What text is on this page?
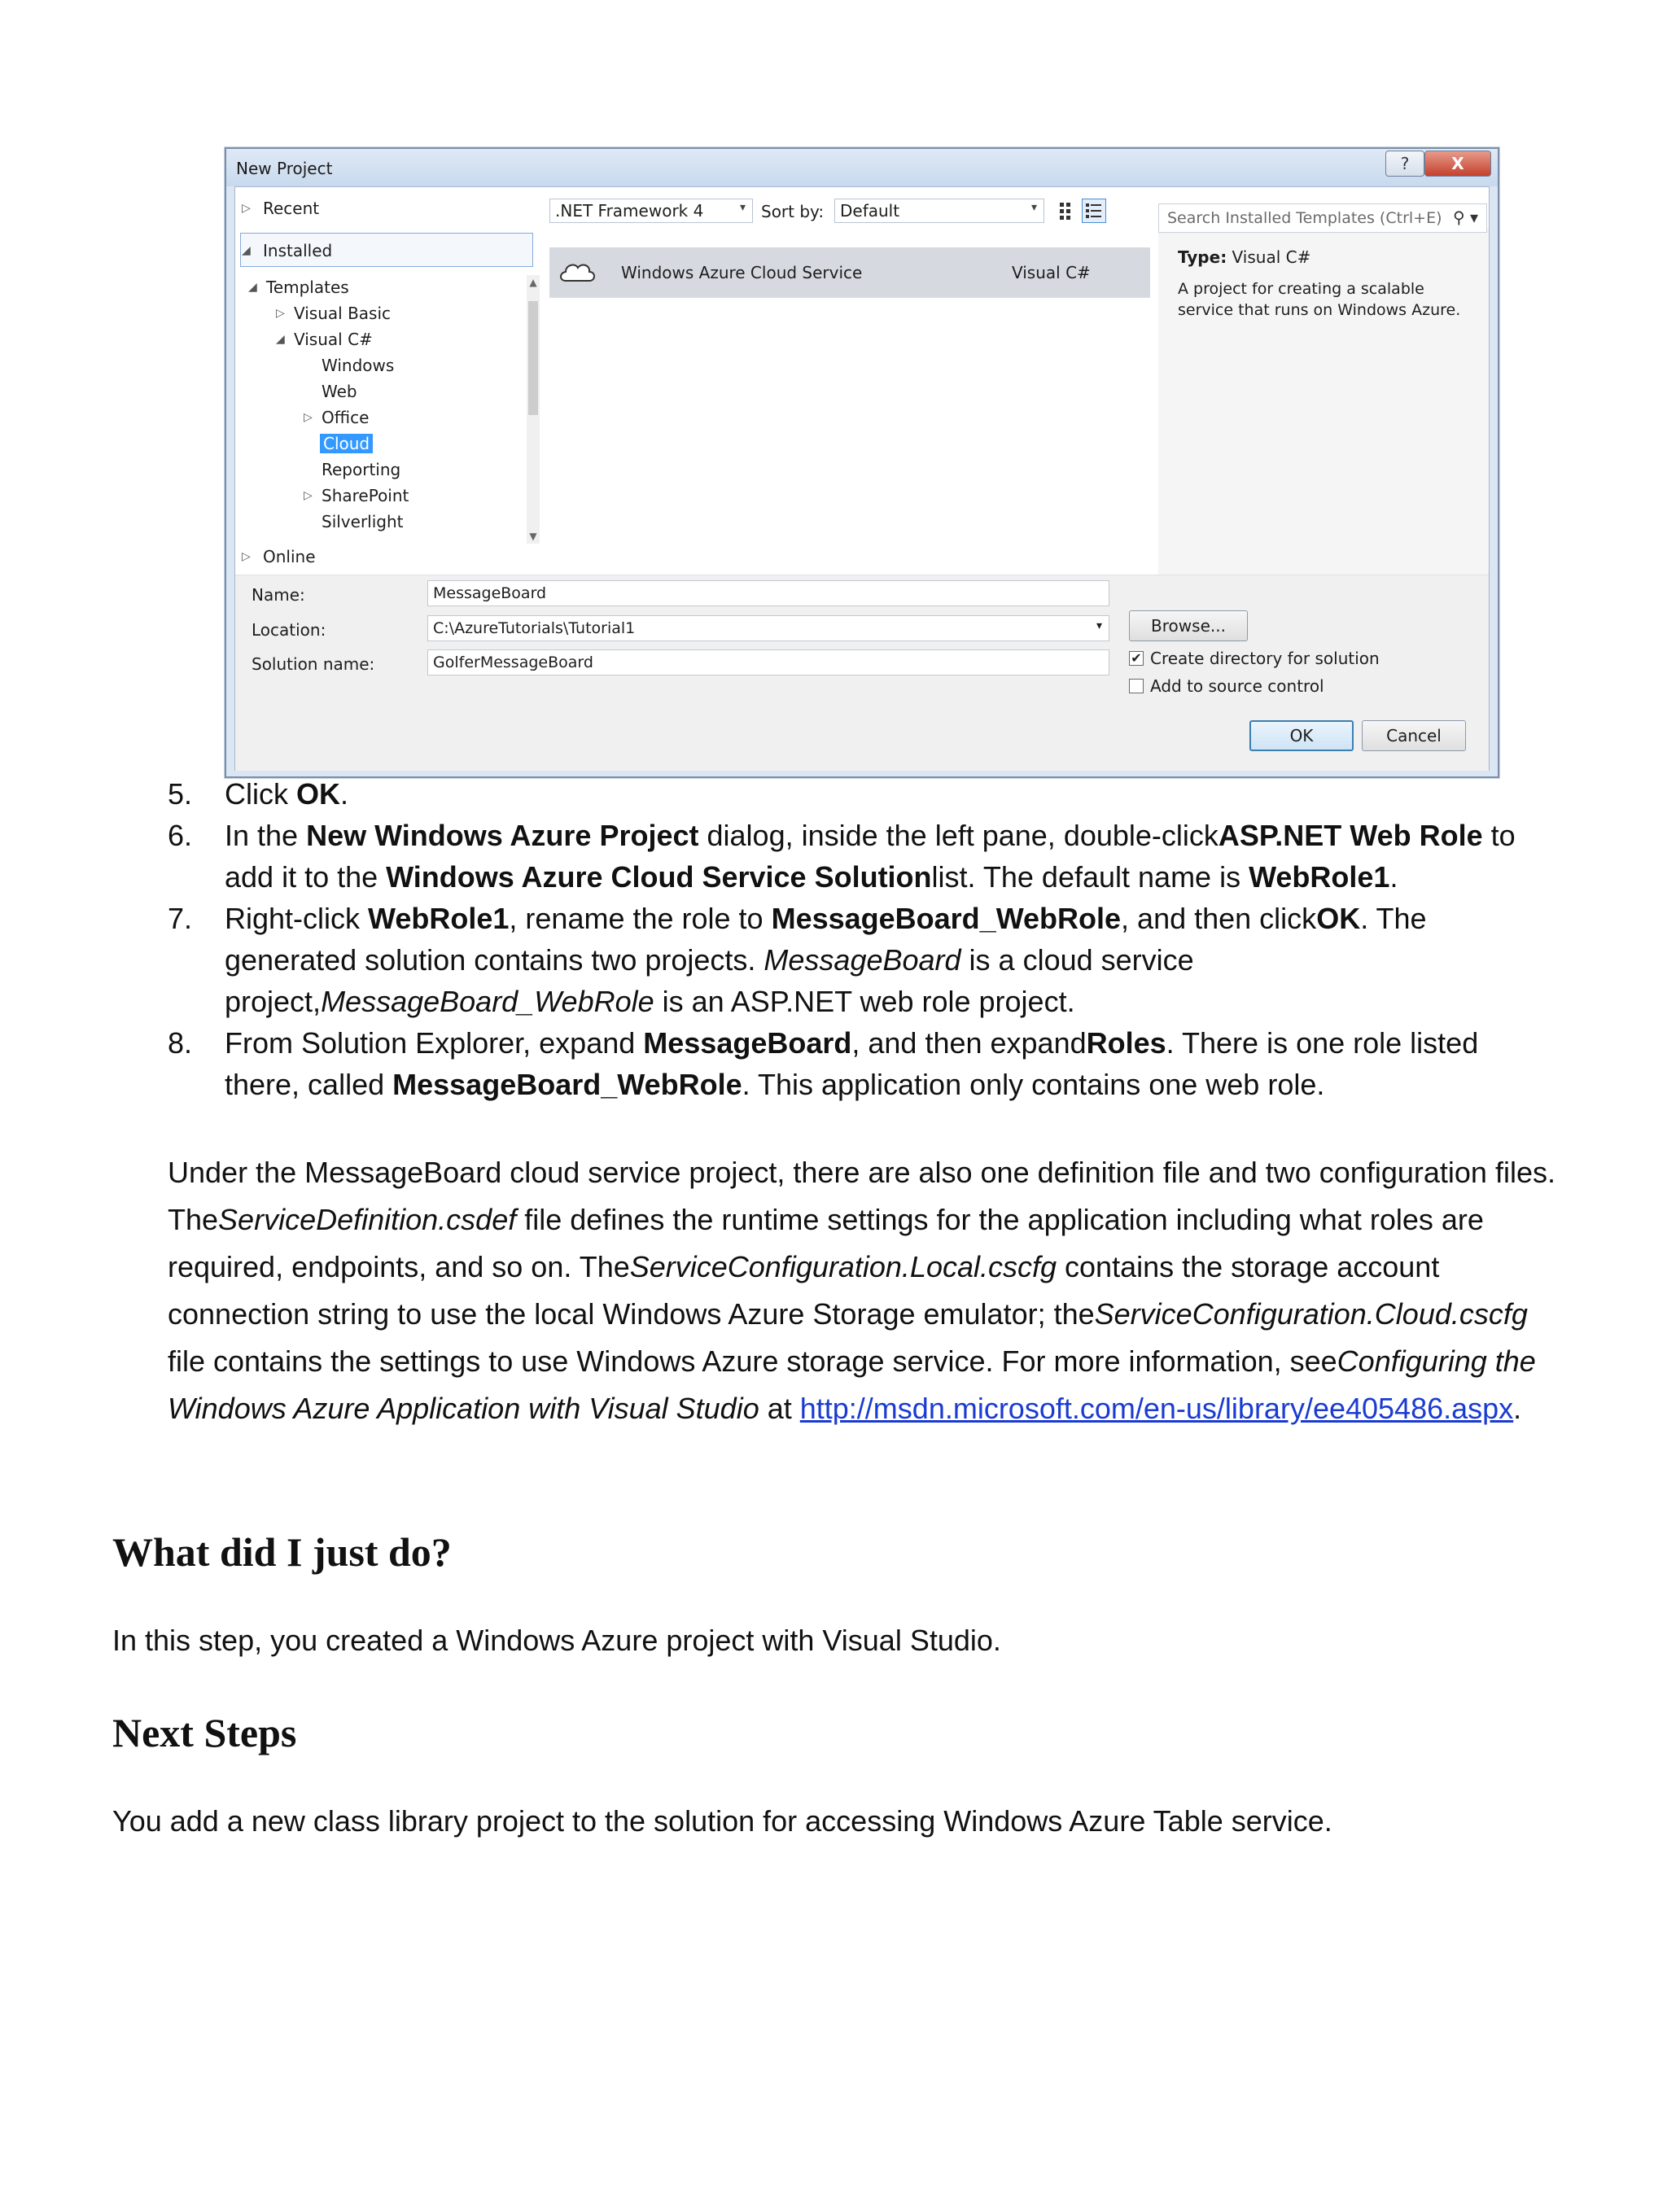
New Project	?	X
▷ Recent
◢ Installed
◢ Templates
▷ Visual Basic
◢ Visual C#
Windows
Web
▷ Office
Cloud
Reporting
▷ SharePoint
Silverlight
▲
▼
▷ Online
.NET Framework 4	▾ Sort by: Default	▾
Windows Azure Cloud Service	Visual C#
Search Installed Templates (Ctrl+E) ⚲ ▾
Type: Visual C#
A project for creating a scalable service that runs on Windows Azure.
Name:	MessageBoard
Location:	C:\AzureTutorials\Tutorial1	▾
Solution name:	GolferMessageBoard
Browse...
✔ Create directory for solution
Add to source control
OK	Cancel
5. Click OK.
6. In the New Windows Azure Project dialog, inside the left pane, double-clickASP.NET Web Role to add it to the Windows Azure Cloud Service Solutionlist. The default name is WebRole1.
7. Right-click WebRole1, rename the role to MessageBoard_WebRole, and then clickOK. The generated solution contains two projects. MessageBoard is a cloud service project,MessageBoard_WebRole is an ASP.NET web role project.
8. From Solution Explorer, expand MessageBoard, and then expandRoles. There is one role listed there, called MessageBoard_WebRole. This application only contains one web role.

Under the MessageBoard cloud service project, there are also one definition file and two configuration files. TheServiceDefinition.csdef file defines the runtime settings for the application including what roles are required, endpoints, and so on. TheServiceConfiguration.Local.cscfg contains the storage account connection string to use the local Windows Azure Storage emulator; theServiceConfiguration.Cloud.cscfg file contains the settings to use Windows Azure storage service. For more information, seeConfiguring the Windows Azure Application with Visual Studio at http://msdn.microsoft.com/en-us/library/ee405486.aspx.

What did I just do?

In this step, you created a Windows Azure project with Visual Studio.

Next Steps

You add a new class library project to the solution for accessing Windows Azure Table service.
